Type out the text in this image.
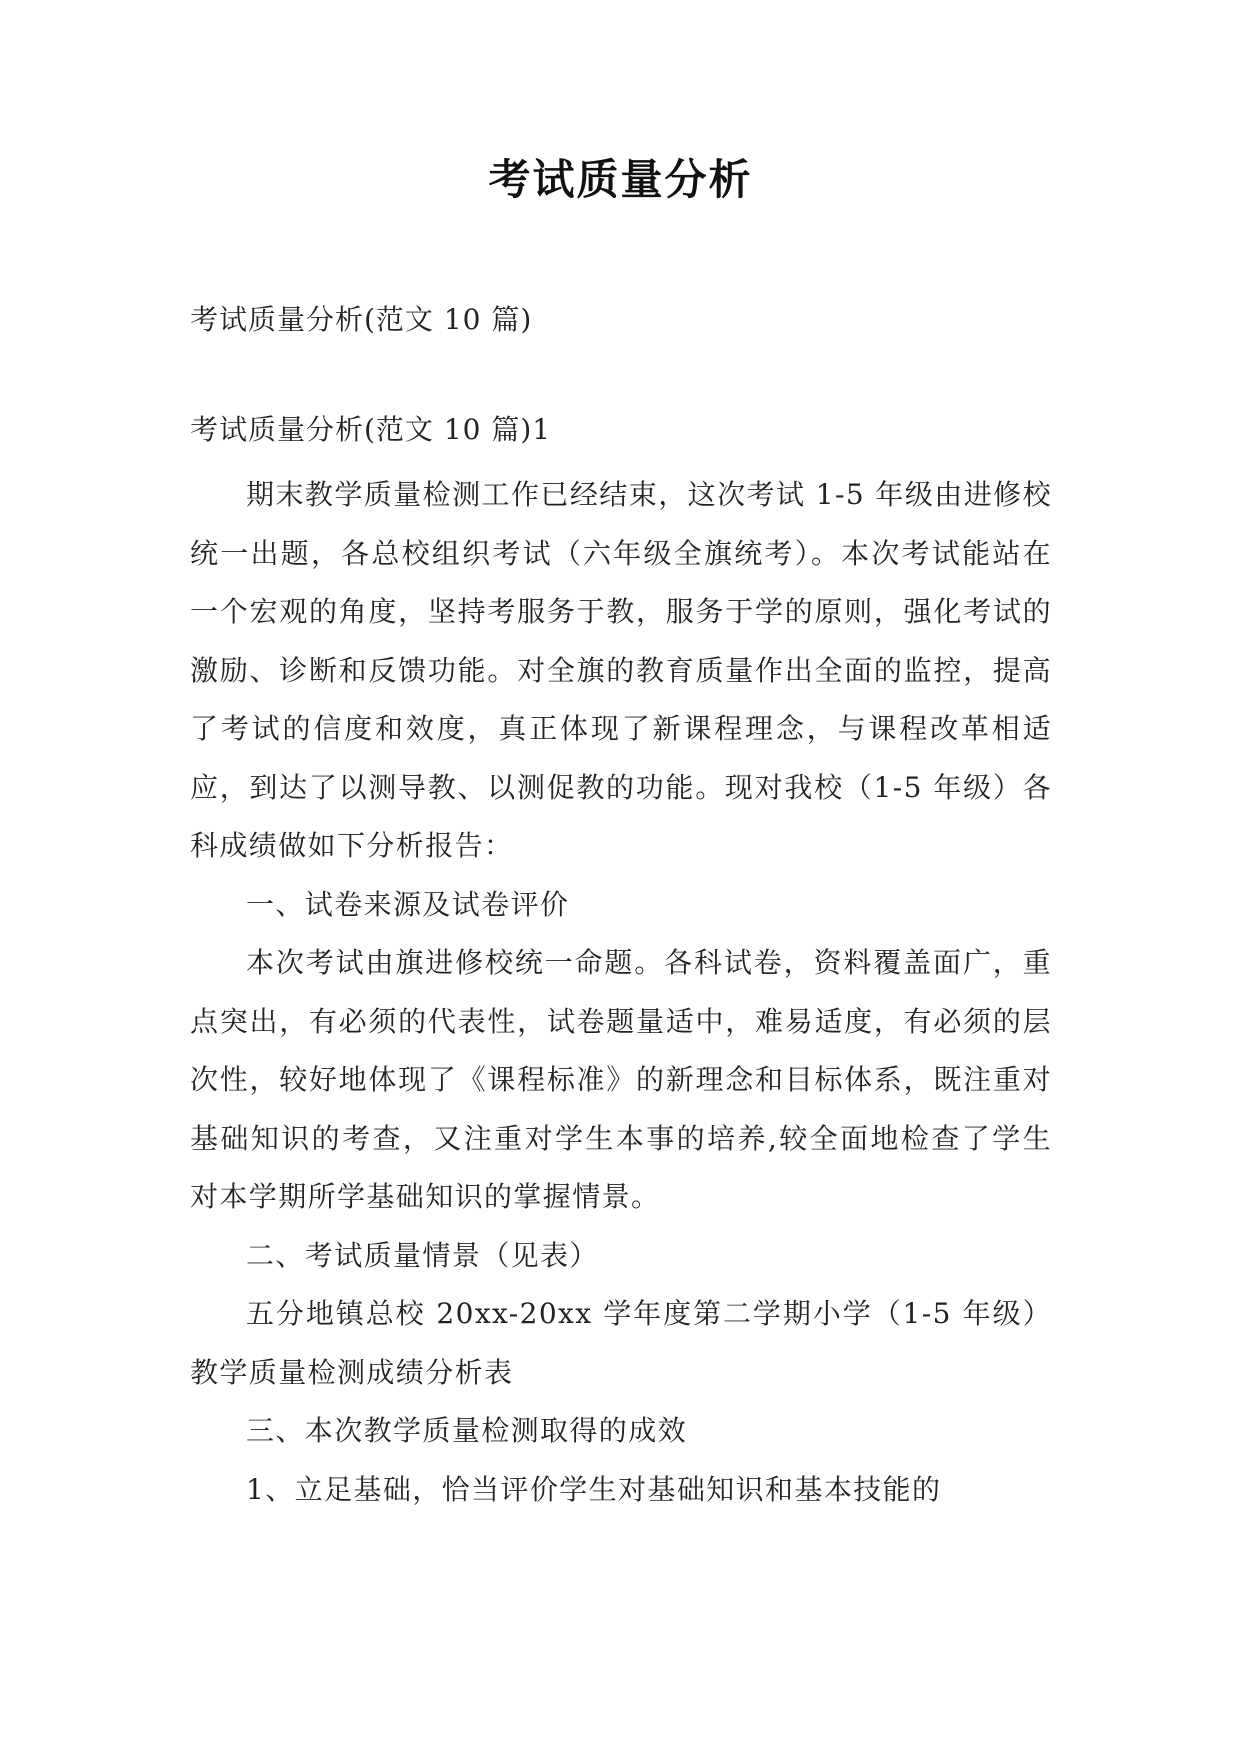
考试质量分析
考试质量分析(范文 10 篇)
考试质量分析(范文 10 篇)1

期末教学质量检测工作已经结束，这次考试 1-5 年级由进修校统一出题，各总校组织考试（六年级全旗统考）。本次考试能站在一个宏观的角度，坚持考服务于教，服务于学的原则，强化考试的激励、诊断和反馈功能。对全旗的教育质量作出全面的监控，提高了考试的信度和效度，真正体现了新课程理念，与课程改革相适应，到达了以测导教、以测促教的功能。现对我校（1-5 年级）各科成绩做如下分析报告：

一、试卷来源及试卷评价

本次考试由旗进修校统一命题。各科试卷，资料覆盖面广，重点突出，有必须的代表性，试卷题量适中，难易适度，有必须的层次性，较好地体现了《课程标准》的新理念和目标体系，既注重对基础知识的考查，又注重对学生本事的培养,较全面地检查了学生对本学期所学基础知识的掌握情景。

二、考试质量情景（见表）

五分地镇总校 20xx-20xx 学年度第二学期小学（1-5 年级）教学质量检测成绩分析表

三、本次教学质量检测取得的成效

1、立足基础，恰当评价学生对基础知识和基本技能的
